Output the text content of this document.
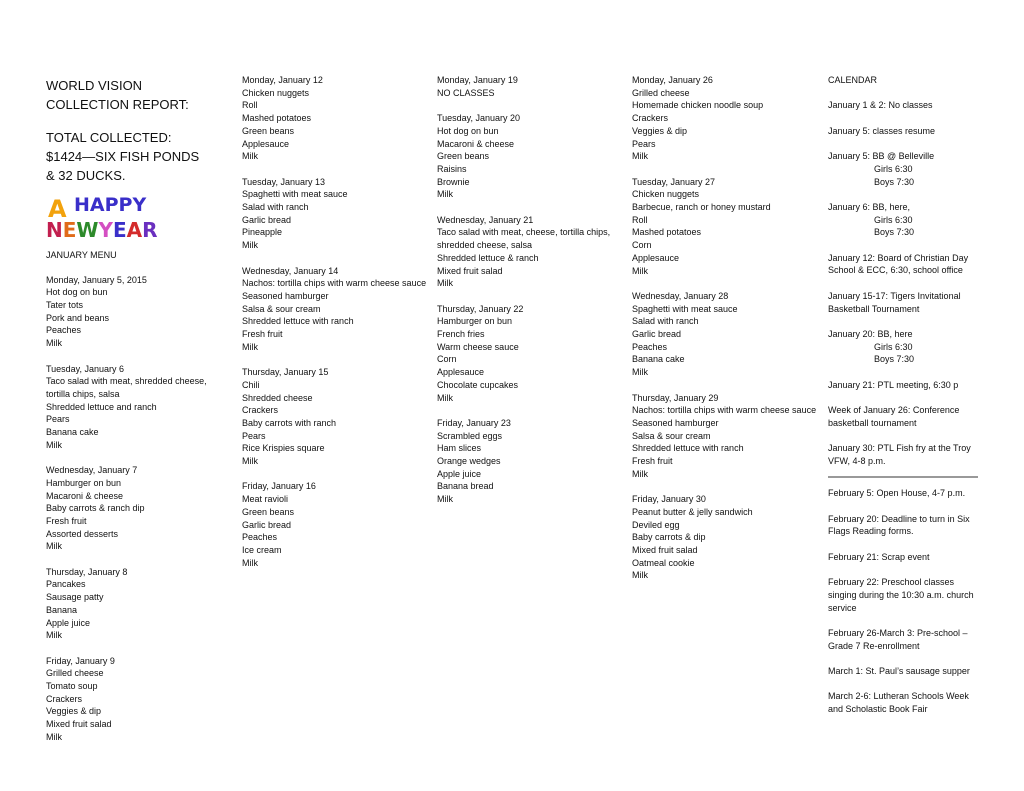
WORLD VISION
COLLECTION REPORT:
TOTAL COLLECTED:
$1424—SIX FISH PONDS
& 32 DUCKS.
A HAPPY
NEWYEAR
JANUARY MENU
Monday, January 5, 2015
Hot dog on bun
Tater tots
Pork and beans
Peaches
Milk
Tuesday, January 6
Taco salad with meat, shredded cheese, tortilla chips, salsa
Shredded lettuce and ranch
Pears
Banana cake
Milk
Wednesday, January 7
Hamburger on bun
Macaroni & cheese
Baby carrots & ranch dip
Fresh fruit
Assorted desserts
Milk
Thursday, January 8
Pancakes
Sausage patty
Banana
Apple juice
Milk
Friday, January 9
Grilled cheese
Tomato soup
Crackers
Veggies & dip
Mixed fruit salad
Milk
Monday, January 12
Chicken nuggets
Roll
Mashed potatoes
Green beans
Applesauce
Milk
Tuesday, January 13
Spaghetti with meat sauce
Salad with ranch
Garlic bread
Pineapple
Milk
Wednesday, January 14
Nachos: tortilla chips with warm cheese sauce
Seasoned hamburger
Salsa & sour cream
Shredded lettuce with ranch
Fresh fruit
Milk
Thursday, January 15
Chili
Shredded cheese
Crackers
Baby carrots with ranch
Pears
Rice Krispies square
Milk
Friday, January 16
Meat ravioli
Green beans
Garlic bread
Peaches
Ice cream
Milk
Monday, January 19
NO CLASSES
Tuesday, January 20
Hot dog on bun
Macaroni & cheese
Green beans
Raisins
Brownie
Milk
Wednesday, January 21
Taco salad with meat, cheese, tortilla chips, shredded cheese, salsa
Shredded lettuce & ranch
Mixed fruit salad
Milk
Thursday, January 22
Hamburger on bun
French fries
Warm cheese sauce
Corn
Applesauce
Chocolate cupcakes
Milk
Friday, January 23
Scrambled eggs
Ham slices
Orange wedges
Apple juice
Banana bread
Milk
Monday, January 26
Grilled cheese
Homemade chicken noodle soup
Crackers
Veggies & dip
Pears
Milk
Tuesday, January 27
Chicken nuggets
Barbecue, ranch or honey mustard
Roll
Mashed potatoes
Corn
Applesauce
Milk
Wednesday, January 28
Spaghetti with meat sauce
Salad with ranch
Garlic bread
Peaches
Banana cake
Milk
Thursday, January 29
Nachos: tortilla chips with warm cheese sauce
Seasoned hamburger
Salsa & sour cream
Shredded lettuce with ranch
Fresh fruit
Milk
Friday, January 30
Peanut butter & jelly sandwich
Deviled egg
Baby carrots & dip
Mixed fruit salad
Oatmeal cookie
Milk
CALENDAR
January 1 & 2: No classes
January 5: classes resume
January 5: BB @ Belleville
Girls 6:30
Boys 7:30
January 6: BB, here,
Girls 6:30
Boys 7:30
January 12: Board of Christian Day School & ECC, 6:30, school office
January 15-17: Tigers Invitational Basketball Tournament
January 20: BB, here
Girls 6:30
Boys 7:30
January 21: PTL meeting, 6:30 p
Week of January 26: Conference basketball tournament
January 30: PTL Fish fry at the Troy VFW, 4-8 p.m.
February 5: Open House, 4-7 p.m.
February 20: Deadline to turn in Six Flags Reading forms.
February 21: Scrap event
February 22: Preschool classes singing during the 10:30 a.m. church service
February 26-March 3: Pre-school – Grade 7 Re-enrollment
March 1: St. Paul’s sausage supper
March 2-6: Lutheran Schools Week and Scholastic Book Fair
